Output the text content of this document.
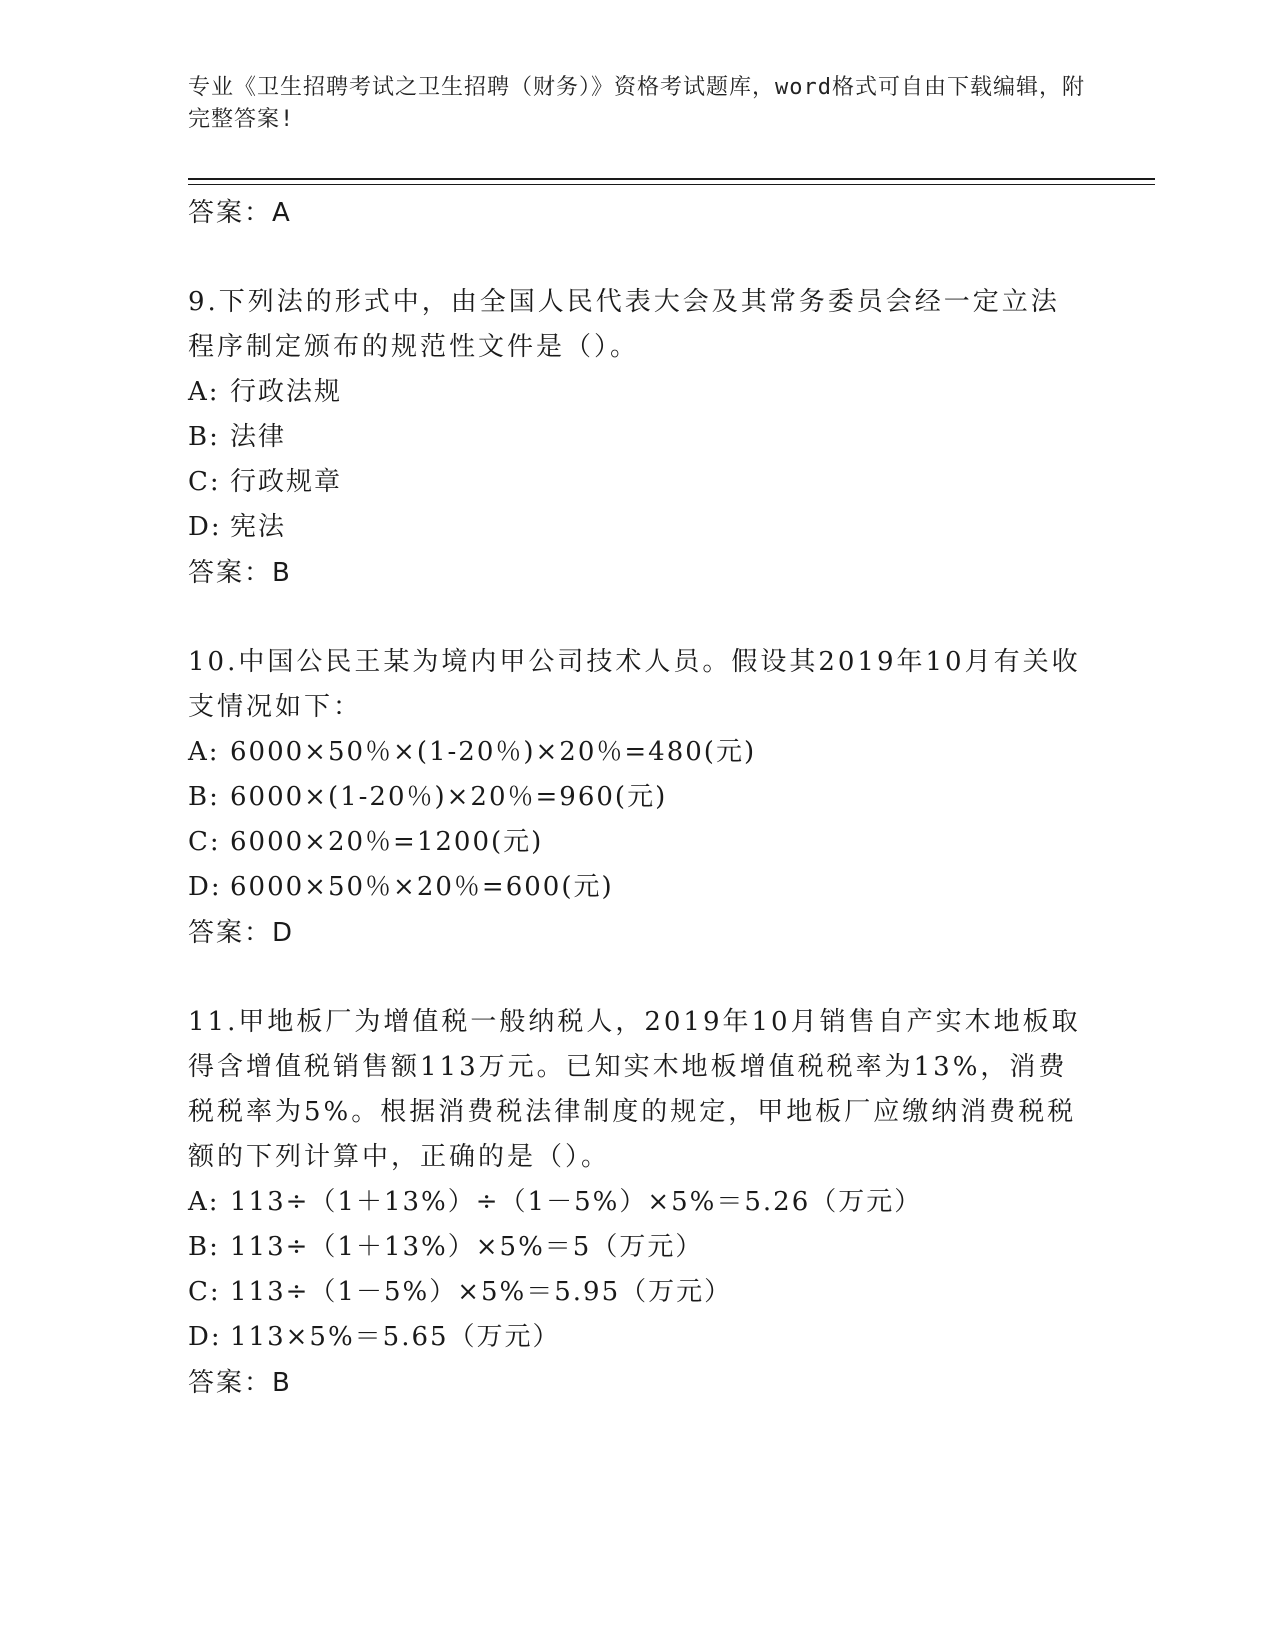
专业《卫生招聘考试之卫生招聘（财务）》资格考试题库，word格式可自由下载编辑，附完整答案!

答案：A

9.下列法的形式中，由全国人民代表大会及其常务委员会经一定立法程序制定颁布的规范性文件是（）。

A: 行政法规

B: 法律

C: 行政规章

D: 宪法

答案：B

10.中国公民王某为境内甲公司技术人员。假设其2019年10月有关收支情况如下：

A: 6000×50％×(1-20％)×20％=480(元)

B: 6000×(1-20％)×20％=960(元)

C: 6000×20％=1200(元)

D: 6000×50％×20％=600(元)

答案：D

11.甲地板厂为增值税一般纳税人，2019年10月销售自产实木地板取得含增值税销售额113万元。已知实木地板增值税税率为13%，消费税税率为5%。根据消费税法律制度的规定，甲地板厂应缴纳消费税税额的下列计算中，正确的是（）。

A: 113÷（1＋13%）÷（1－5%）×5%＝5.26（万元）

B: 113÷（1＋13%）×5%＝5（万元）

C: 113÷（1－5%）×5%＝5.95（万元）

D: 113×5%＝5.65（万元）

答案：B
